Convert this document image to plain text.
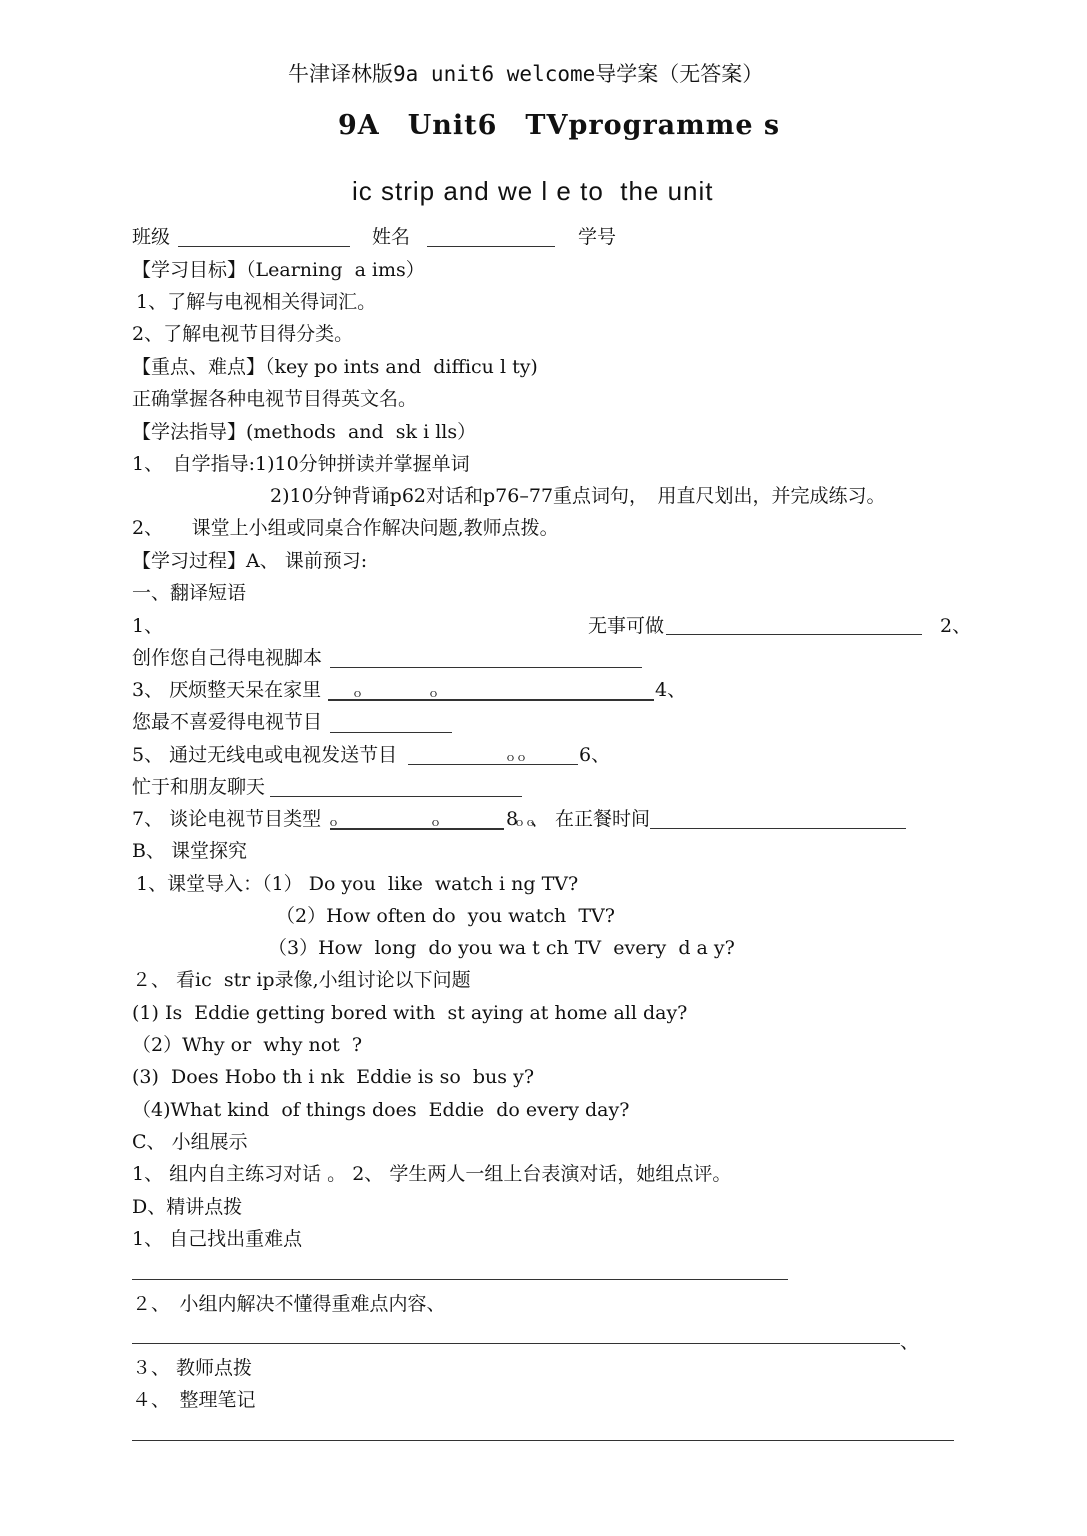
牛津译林版9a unit6 welcome导学案（无答案）
9A　Unit6　TVprogramme s
ic strip and we l e to  the unit
班级	姓名	学号
【学习目标】（Learning  a ims）
1、了解与电视相关得词汇。
2、了解电视节目得分类。
【重点、难点】（key po ints and  difficu l ty)
正确掌握各种电视节目得英文名。
【学法指导】(methods  and  sk i lls）
1、　自学指导:1)10分钟拼读并掌握单词
2)10分钟背诵p62对话和p76–77重点词句，　用直尺划出，并完成练习。
2、　　课堂上小组或同桌合作解决问题,教师点拨。
【学习过程】A、 课前预习:
一、翻译短语
1、	无事可做	2、
创作您自己得电视脚本
3、 厌烦整天呆在家里	ｏ	ｏ	4、
您最不喜爱得电视节目
5、 通过无线电或电视发送节目	ｏｏ	6、
忙于和朋友聊天
7、 谈论电视节目类型 ｏ	ｏ	8
ｏｏ
、 在正餐时间
B、 课堂探究
1、课堂导入：（1） Do you  like  watch i ng TV?
（2）How often do  you watch  TV?
（3）How  long  do you wa t ch TV  every  d a y?
２、 看ic  str ip录像,小组讨论以下问题
(1) Is  Eddie getting bored with  st aying at home all day?
（2）Why or  why not  ?
(3)  Does Hobo th i nk  Eddie is so  bus y?
（4)What kind  of things does  Eddie  do every day?
C、 小组展示
1、 组内自主练习对话 。 2、 学生两人一组上台表演对话，她组点评。
D、精讲点拨
1、 自己找出重难点
２、　小组内解决不懂得重难点内容、
、
３、 教师点拨
４、　整理笔记
